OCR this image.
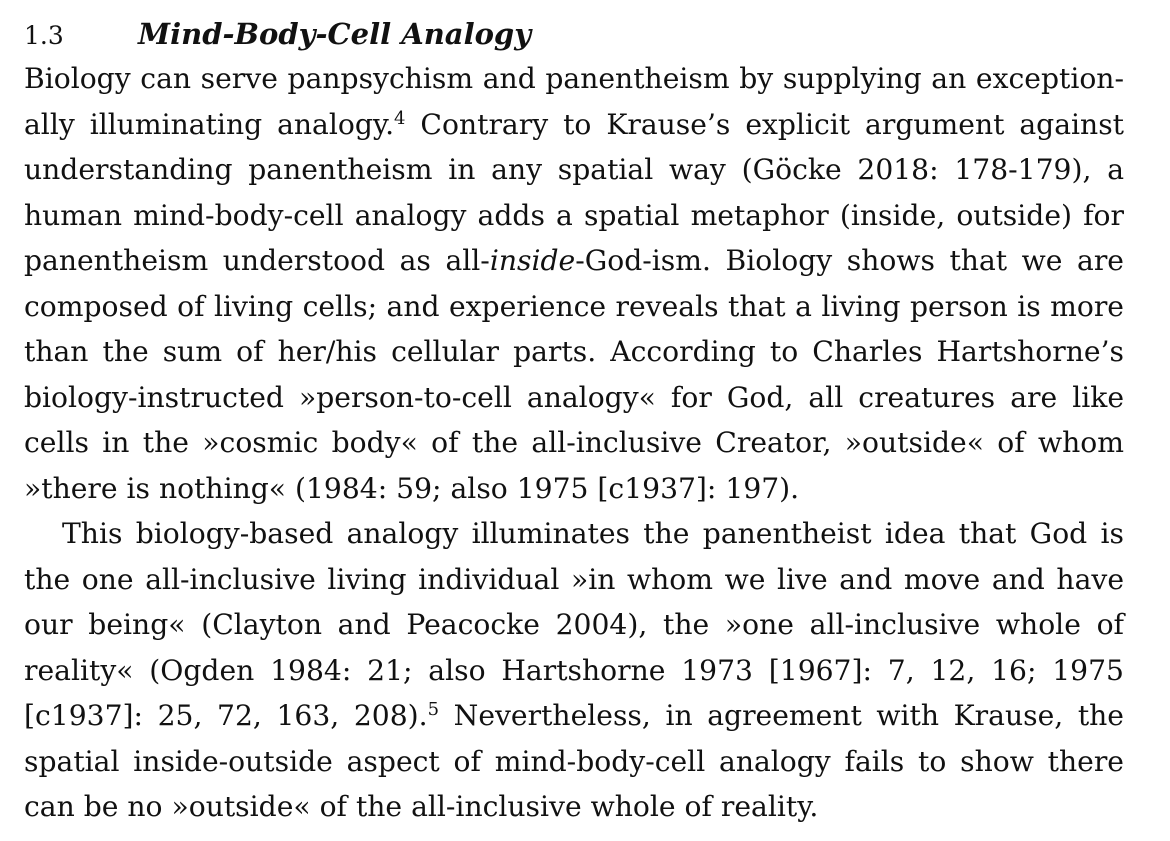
1.3	Mind-Body-Cell Analogy

Biology can serve panpsychism and panentheism by supplying an exceptionally illuminating analogy.$^4$ Contrary to Krause’s explicit argument against understanding panentheism in any spatial way (Göcke 2018: 178-179), a human mind-body-cell analogy adds a spatial metaphor (inside, outside) for panentheism understood as all-inside-God-ism. Biology shows that we are composed of living cells; and experience reveals that a living person is more than the sum of her/his cellular parts. According to Charles Hartshorne’s biology-instructed »person-to-cell analogy« for God, all creatures are like cells in the »cosmic body« of the all-inclusive Creator, »outside« of whom »there is nothing« (1984: 59; also 1975 [c1937]: 197).

This biology-based analogy illuminates the panentheist idea that God is the one all-inclusive living individual »in whom we live and move and have our being« (Clayton and Peacocke 2004), the »one all-inclusive whole of reality« (Ogden 1984: 21; also Hartshorne 1973 [1967]: 7, 12, 16; 1975 [c1937]: 25, 72, 163, 208).$^5$ Nevertheless, in agreement with Krause, the spatial inside-outside aspect of mind-body-cell analogy fails to show there can be no »outside« of the all-inclusive whole of reality.
